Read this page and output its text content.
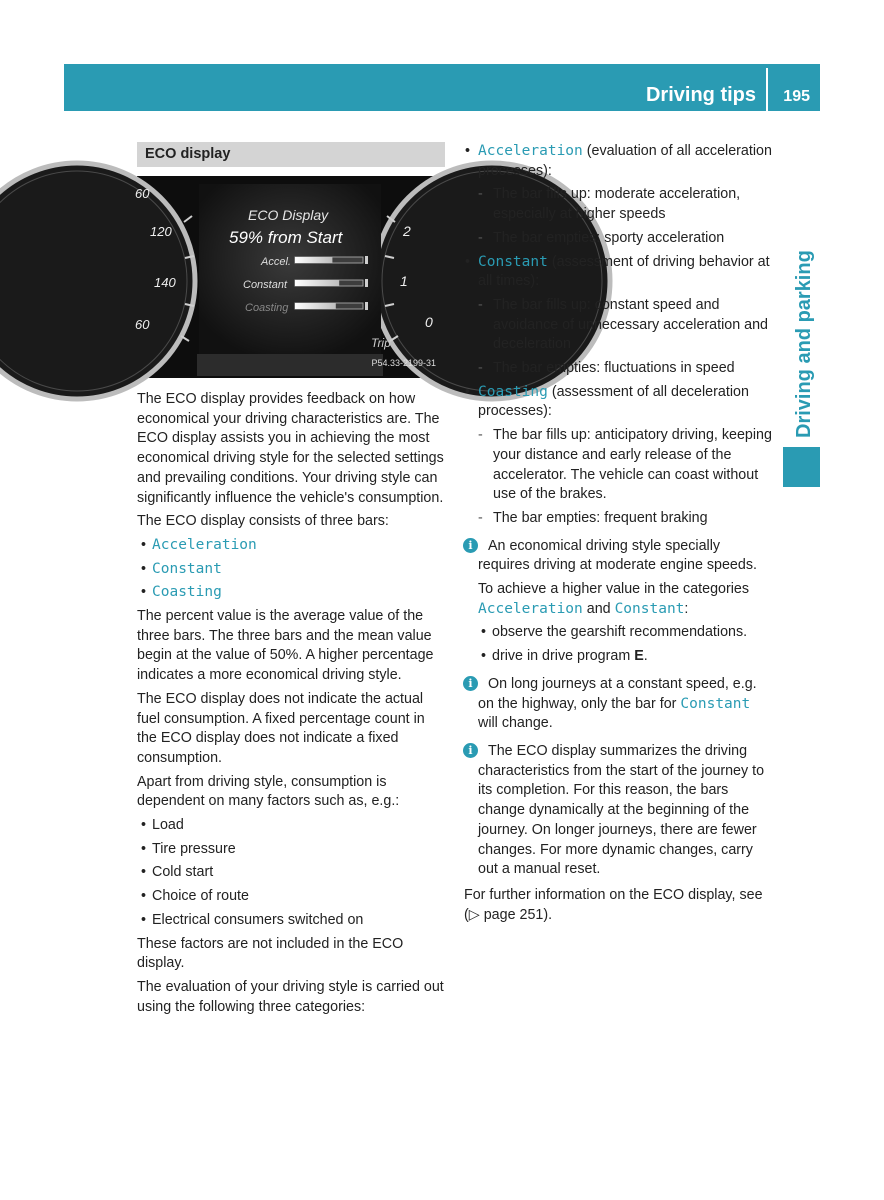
Driving tips 195
Driving and parking
ECO display
ECO Display
59% from Start
Accel.
Constant
Coasting
Trip
60
120
140
60
2
1
0
P54.33-2199-31

The ECO display provides feedback on how economical your driving characteristics are. The ECO display assists you in achieving the most economical driving style for the selected settings and prevailing conditions. Your driving style can significantly influence the vehicle's consumption.

The ECO display consists of three bars:

• Acceleration
• Constant
• Coasting

The percent value is the average value of the three bars. The three bars and the mean value begin at the value of 50%. A higher percentage indicates a more economical driving style.

The ECO display does not indicate the actual fuel consumption. A fixed percentage count in the ECO display does not indicate a fixed consumption.

Apart from driving style, consumption is dependent on many factors such as, e.g.:

• Load
• Tire pressure
• Cold start
• Choice of route
• Electrical consumers switched on

These factors are not included in the ECO display.

The evaluation of your driving style is carried out using the following three categories:

• Acceleration (evaluation of all acceleration processes):
- The bar fills up: moderate acceleration, especially at higher speeds
- The bar empties: sporty acceleration
• Constant (assessment of driving behavior at all times):
- The bar fills up: constant speed and avoidance of unnecessary acceleration and deceleration
- The bar empties: fluctuations in speed
• Coasting (assessment of all deceleration processes):
- The bar fills up: anticipatory driving, keeping your distance and early release of the accelerator. The vehicle can coast without use of the brakes.
- The bar empties: frequent braking
i	An economical driving style specially requires driving at moderate engine speeds.

To achieve a higher value in the categories Acceleration and Constant:

• observe the gearshift recommendations.
• drive in drive program E.
i	On long journeys at a constant speed, e.g. on the highway, only the bar for Constant will change.
i	The ECO display summarizes the driving characteristics from the start of the journey to its completion. For this reason, the bars change dynamically at the beginning of the journey. On longer journeys, there are fewer changes. For more dynamic changes, carry out a manual reset.

For further information on the ECO display, see (▷ page 251).
